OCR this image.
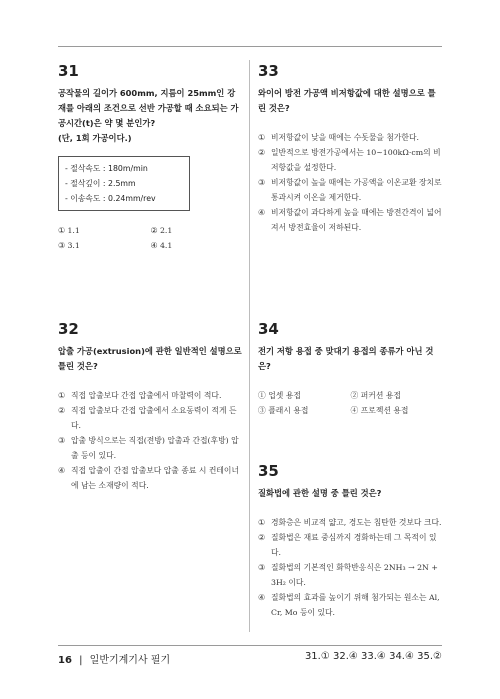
31
공작물의 길이가 600mm, 지름이 25mm인 강재를 아래의 조건으로 선반 가공할 때 소요되는 가공시간(t)은 약 몇 분인가?
(단, 1회 가공이다.)
- 절삭속도 : 180m/min
- 절삭깊이 : 2.5mm
- 이송속도 : 0.24mm/rev
① 1.1	② 2.1
③ 3.1	④ 4.1
33
와이어 방전 가공액 비저항값에 대한 설명으로 틀린 것은?
① 비저항값이 낮을 때에는 수돗물을 첨가한다.
② 일반적으로 방전가공에서는 10~100kΩ·cm의 비저항값을 설정한다.
③ 비저항값이 높을 때에는 가공액을 이온교환 장치로 통과시켜 이온을 제거한다.
④ 비저항값이 과다하게 높을 때에는 방전간격이 넓어져서 방전효율이 저하된다.
32
압출 가공(extrusion)에 관한 일반적인 설명으로 틀린 것은?
① 직접 압출보다 간접 압출에서 마찰력이 적다.
② 직접 압출보다 간접 압출에서 소요동력이 적게 든다.
③ 압출 방식으로는 직접(전방) 압출과 간접(후방) 압출 등이 있다.
④ 직접 압출이 간접 압출보다 압출 종료 시 컨테이너에 남는 소재량이 적다.
34
전기 저항 용접 중 맞대기 용접의 종류가 아닌 것은?
① 업셋 용접	② 퍼커션 용접
③ 플래시 용접	④ 프로젝션 용접
35
질화법에 관한 설명 중 틀린 것은?
① 경화층은 비교적 얇고, 경도는 침탄한 것보다 크다.
② 질화법은 재료 중심까지 경화하는데 그 목적이 있다.
③ 질화법의 기본적인 화학반응식은 2NH₃ → 2N + 3H₂ 이다.
④ 질화법의 효과를 높이기 위해 첨가되는 원소는 Al, Cr, Mo 등이 있다.
16 | 일반기계기사 필기	31.① 32.④ 33.④ 34.④ 35.②
